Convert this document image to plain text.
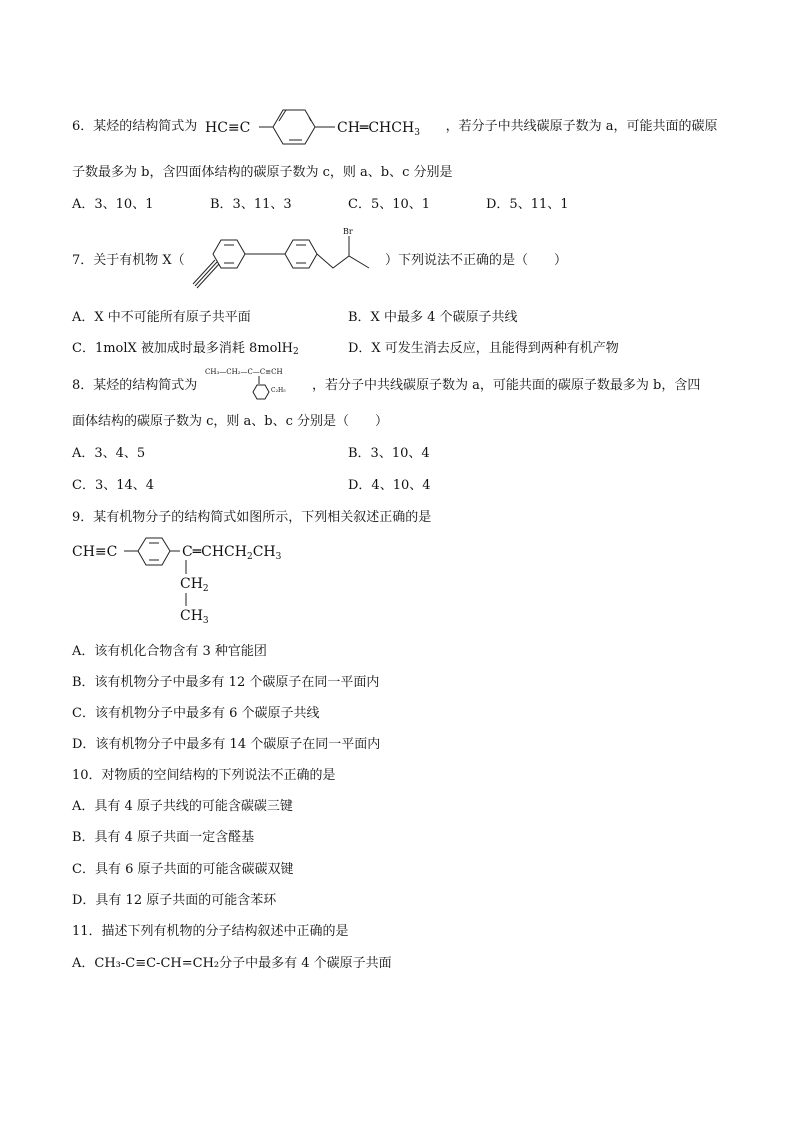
6．某烃的结构简式为	，若分子中共线碳原子数为 a，可能共面的碳原
HC≡C	$CH═CHCH_3$
子数最多为 b，含四面体结构的碳原子数为 c，则 a、b、c 分别是
A．3、10、1	B．3、11、3	C．5、10、1	D．5、11、1
7．关于有机物 X（
Br
）下列说法不正确的是（　　）
A．X 中不可能所有原子共平面	B．X 中最多 4 个碳原子共线
C．1molX 被加成时最多消耗 8molH$_2$	D．X 可发生消去反应，且能得到两种有机产物
8．某烃的结构简式为
CH₃—CH₂—C—C≡CH
C₂H₅ ，若分子中共线碳原子数为 a，可能共面的碳原子数最多为 b，含四
面体结构的碳原子数为 c，则 a、b、c 分别是（　　）
A．3、4、5	B．3、10、4
C．3、14、4	D．4、10、4
9．某有机物分子的结构简式如图所示，下列相关叙述正确的是
CH≡C	$C═CHCH_2CH_3$
$CH_2$
$CH_3$
A．该有机化合物含有 3 种官能团
B．该有机物分子中最多有 12 个碳原子在同一平面内
C．该有机物分子中最多有 6 个碳原子共线
D．该有机物分子中最多有 14 个碳原子在同一平面内
10．对物质的空间结构的下列说法不正确的是
A．具有 4 原子共线的可能含碳碳三键
B．具有 4 原子共面一定含醛基
C．具有 6 原子共面的可能含碳碳双键
D．具有 12 原子共面的可能含苯环
11．描述下列有机物的分子结构叙述中正确的是
A．CH₃-C≡C-CH=CH₂分子中最多有 4 个碳原子共面
